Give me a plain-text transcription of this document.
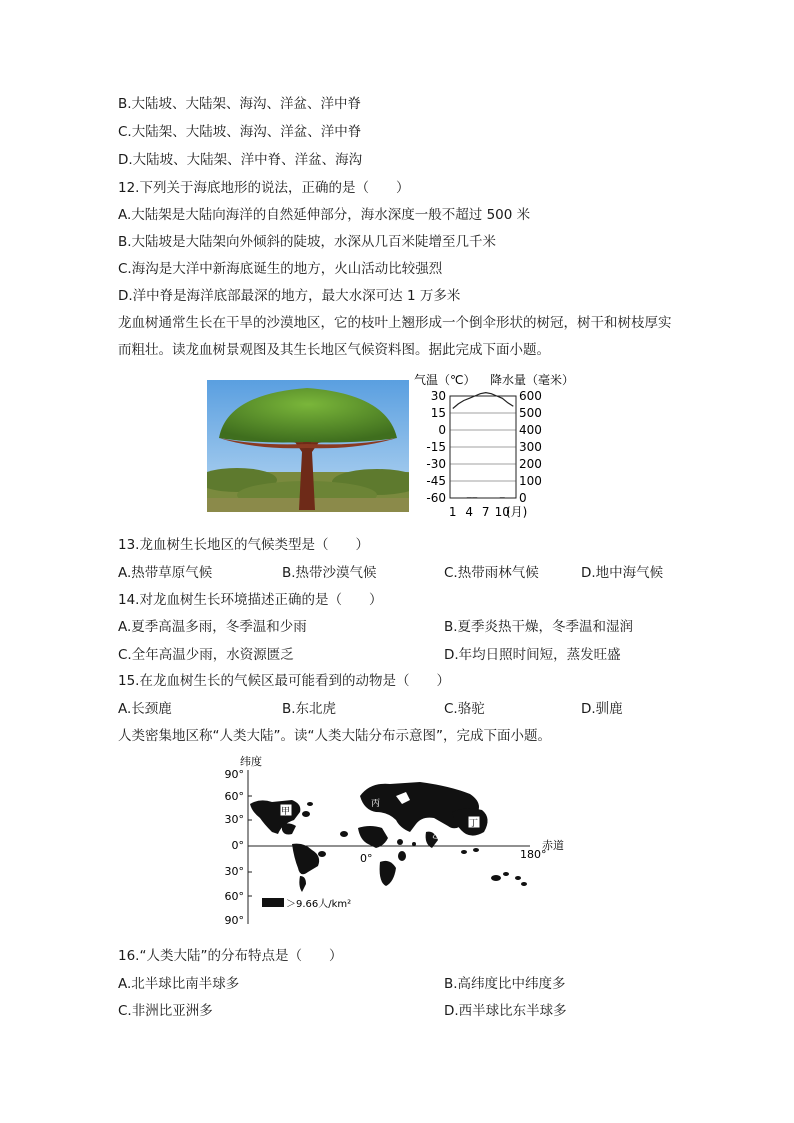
B.大陆坡、大陆架、海沟、洋盆、洋中脊
C.大陆架、大陆坡、海沟、洋盆、洋中脊
D.大陆坡、大陆架、洋中脊、洋盆、海沟
12.下列关于海底地形的说法，正确的是（　　）
A.大陆架是大陆向海洋的自然延伸部分，海水深度一般不超过 500 米
B.大陆坡是大陆架向外倾斜的陡坡，水深从几百米陡增至几千米
C.海沟是大洋中新海底诞生的地方，火山活动比较强烈
D.洋中脊是海洋底部最深的地方，最大水深可达 1 万多米
龙血树通常生长在干旱的沙漠地区，它的枝叶上翘形成一个倒伞形状的树冠，树干和树枝厚实而粗壮。读龙血树景观图及其生长地区气候资料图。据此完成下面小题。
气温（℃） 降水量（毫米）
30
15
0
-15
-30
-45
-60
600
500
400
300
200
100
0
1 4 7 10
(月)
13.龙血树生长地区的气候类型是（　　）
A.热带草原气候	B.热带沙漠气候	C.热带雨林气候	D.地中海气候
14.对龙血树生长环境描述正确的是（　　）
A.夏季高温多雨，冬季温和少雨	B.夏季炎热干燥，冬季温和湿润
C.全年高温少雨，水资源匮乏	D.年均日照时间短，蒸发旺盛
15.在龙血树生长的气候区最可能看到的动物是（　　）
A.长颈鹿	B.东北虎	C.骆驼	D.驯鹿
人类密集地区称“人类大陆”。读“人类大陆分布示意图”，完成下面小题。
纬度
90°
60°
30°
0°
30°
60°
90°
0°	180°
赤道
甲
丙
乙
丁
＞9.66人/km²
16.“人类大陆”的分布特点是（　　）
A.北半球比南半球多	B.高纬度比中纬度多
C.非洲比亚洲多	D.西半球比东半球多
